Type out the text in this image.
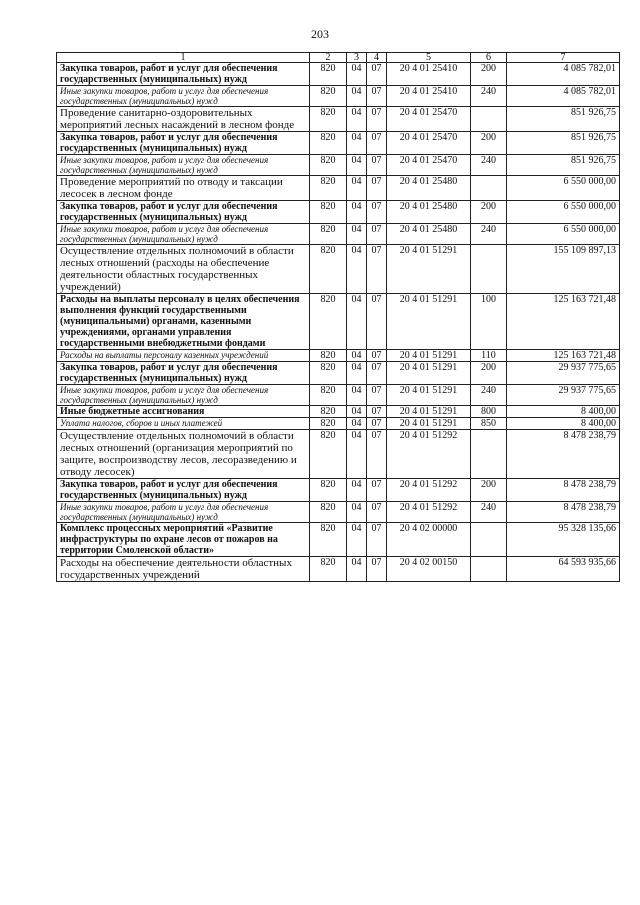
203
1	2	3	4	5	6	7
Закупка товаров, работ и услуг для обеспечения государственных (муниципальных) нужд	820	04	07	20 4 01 25410	200	4 085 782,01
Иные закупки товаров, работ и услуг для обеспечения государственных (муниципальных) нужд	820	04	07	20 4 01 25410	240	4 085 782,01
Проведение санитарно-оздоровительных мероприятий лесных насаждений в лесном фонде	820	04	07	20 4 01 25470		851 926,75
Закупка товаров, работ и услуг для обеспечения государственных (муниципальных) нужд	820	04	07	20 4 01 25470	200	851 926,75
Иные закупки товаров, работ и услуг для обеспечения государственных (муниципальных) нужд	820	04	07	20 4 01 25470	240	851 926,75
Проведение мероприятий по отводу и таксации лесосек в лесном фонде	820	04	07	20 4 01 25480		6 550 000,00
Закупка товаров, работ и услуг для обеспечения государственных (муниципальных) нужд	820	04	07	20 4 01 25480	200	6 550 000,00
Иные закупки товаров, работ и услуг для обеспечения государственных (муниципальных) нужд	820	04	07	20 4 01 25480	240	6 550 000,00
Осуществление отдельных полномочий в области лесных отношений (расходы на обеспечение деятельности областных государственных учреждений)	820	04	07	20 4 01 51291		155 109 897,13
Расходы на выплаты персоналу в целях обеспечения выполнения функций государственными (муниципальными) органами, казенными учреждениями, органами управления государственными внебюджетными фондами	820	04	07	20 4 01 51291	100	125 163 721,48
Расходы на выплаты персоналу казенных учреждений	820	04	07	20 4 01 51291	110	125 163 721,48
Закупка товаров, работ и услуг для обеспечения государственных (муниципальных) нужд	820	04	07	20 4 01 51291	200	29 937 775,65
Иные закупки товаров, работ и услуг для обеспечения государственных (муниципальных) нужд	820	04	07	20 4 01 51291	240	29 937 775,65
Иные бюджетные ассигнования	820	04	07	20 4 01 51291	800	8 400,00
Уплата налогов, сборов и иных платежей	820	04	07	20 4 01 51291	850	8 400,00
Осуществление отдельных полномочий в области лесных отношений (организация мероприятий по защите, воспроизводству лесов, лесоразведению и отводу лесосек)	820	04	07	20 4 01 51292		8 478 238,79
Закупка товаров, работ и услуг для обеспечения государственных (муниципальных) нужд	820	04	07	20 4 01 51292	200	8 478 238,79
Иные закупки товаров, работ и услуг для обеспечения государственных (муниципальных) нужд	820	04	07	20 4 01 51292	240	8 478 238,79
Комплекс процессных мероприятий «Развитие инфраструктуры по охране лесов от пожаров на территории Смоленской области»	820	04	07	20 4 02 00000		95 328 135,66
Расходы на обеспечение деятельности областных государственных учреждений	820	04	07	20 4 02 00150		64 593 935,66
